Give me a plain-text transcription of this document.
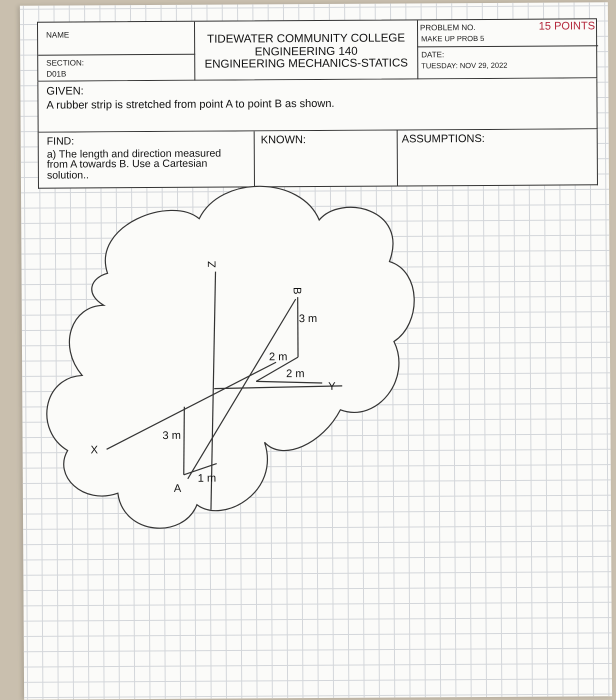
NAME
SECTION:
D01B
TIDEWATER COMMUNITY COLLEGE
ENGINEERING 140
ENGINEERING MECHANICS-STATICS
PROBLEM NO.	15 POINTS
MAKE UP PROB 5
DATE:
TUESDAY: NOV 29, 2022
GIVEN:
A rubber strip is stretched from point A to point B as shown.
FIND:
a) The length and direction measured
from A towards B. Use a Cartesian
solution..
KNOWN:	ASSUMPTIONS:
Z
Y
X
B
A
3 m
2 m
2 m
3 m
1 m
